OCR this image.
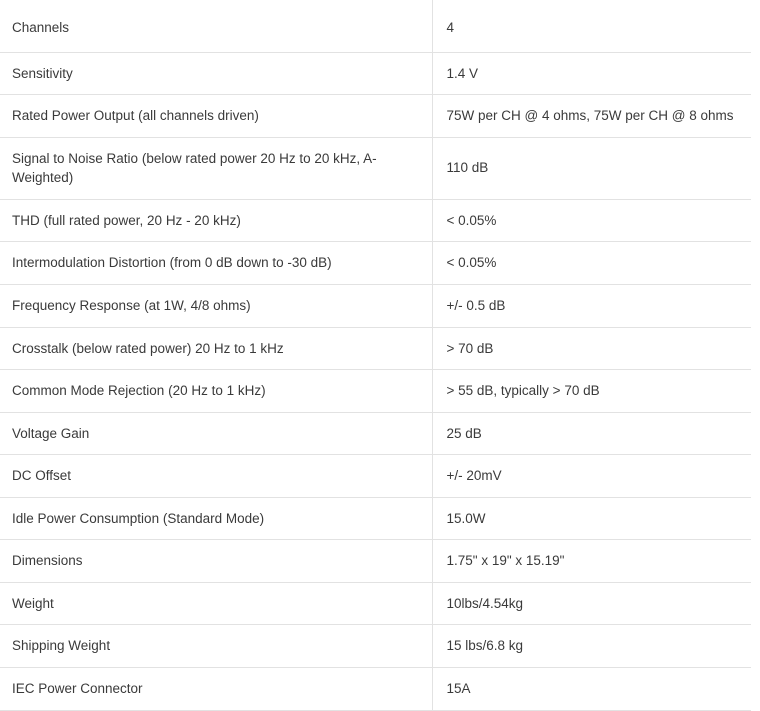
Channels	4
Sensitivity	1.4 V
Rated Power Output (all channels driven)	75W per CH @ 4 ohms, 75W per CH @ 8 ohms
Signal to Noise Ratio (below rated power 20 Hz to 20 kHz, A-Weighted)	110 dB
THD (full rated power, 20 Hz - 20 kHz)	< 0.05%
Intermodulation Distortion (from 0 dB down to -30 dB)	< 0.05%
Frequency Response (at 1W, 4/8 ohms)	+/- 0.5 dB
Crosstalk (below rated power) 20 Hz to 1 kHz	> 70 dB
Common Mode Rejection (20 Hz to 1 kHz)	> 55 dB, typically > 70 dB
Voltage Gain	25 dB
DC Offset	+/- 20mV
Idle Power Consumption (Standard Mode)	15.0W
Dimensions	1.75" x 19" x 15.19"
Weight	10lbs/4.54kg
Shipping Weight	15 lbs/6.8 kg
IEC Power Connector	15A
